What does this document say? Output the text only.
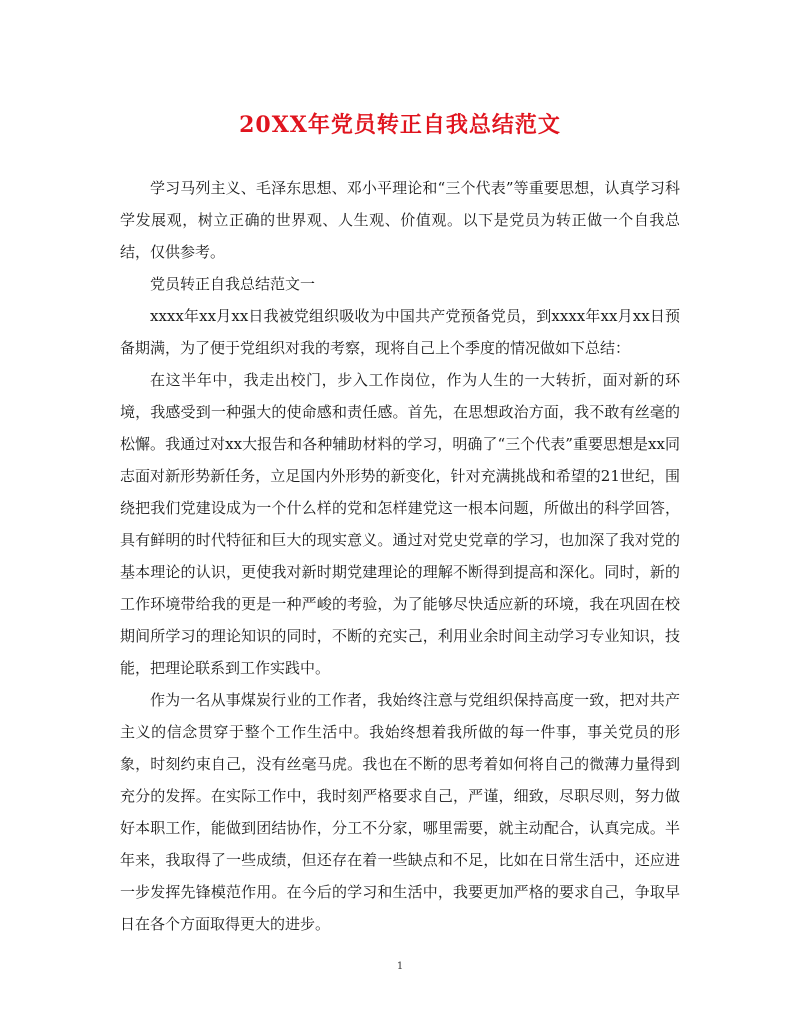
20XX年党员转正自我总结范文

学习马列主义、毛泽东思想、邓小平理论和“三个代表”等重要思想，认真学习科学发展观，树立正确的世界观、人生观、价值观。以下是党员为转正做一个自我总结，仅供参考。

党员转正自我总结范文一

xxxx年xx月xx日我被党组织吸收为中国共产党预备党员，到xxxx年xx月xx日预备期满，为了便于党组织对我的考察，现将自己上个季度的情况做如下总结：

在这半年中，我走出校门，步入工作岗位，作为人生的一大转折，面对新的环境，我感受到一种强大的使命感和责任感。首先，在思想政治方面，我不敢有丝毫的松懈。我通过对xx大报告和各种辅助材料的学习，明确了“三个代表”重要思想是xx同志面对新形势新任务，立足国内外形势的新变化，针对充满挑战和希望的21世纪，围绕把我们党建设成为一个什么样的党和怎样建党这一根本问题，所做出的科学回答，具有鲜明的时代特征和巨大的现实意义。通过对党史党章的学习，也加深了我对党的基本理论的认识，更使我对新时期党建理论的理解不断得到提高和深化。同时，新的工作环境带给我的更是一种严峻的考验，为了能够尽快适应新的环境，我在巩固在校期间所学习的理论知识的同时，不断的充实己，利用业余时间主动学习专业知识，技能，把理论联系到工作实践中。

作为一名从事煤炭行业的工作者，我始终注意与党组织保持高度一致，把对共产主义的信念贯穿于整个工作生活中。我始终想着我所做的每一件事，事关党员的形象，时刻约束自己，没有丝毫马虎。我也在不断的思考着如何将自己的微薄力量得到充分的发挥。在实际工作中，我时刻严格要求自己，严谨，细致，尽职尽则，努力做好本职工作，能做到团结协作，分工不分家，哪里需要，就主动配合，认真完成。半年来，我取得了一些成绩，但还存在着一些缺点和不足，比如在日常生活中，还应进一步发挥先锋模范作用。在今后的学习和生活中，我要更加严格的要求自己，争取早日在各个方面取得更大的进步。

1
